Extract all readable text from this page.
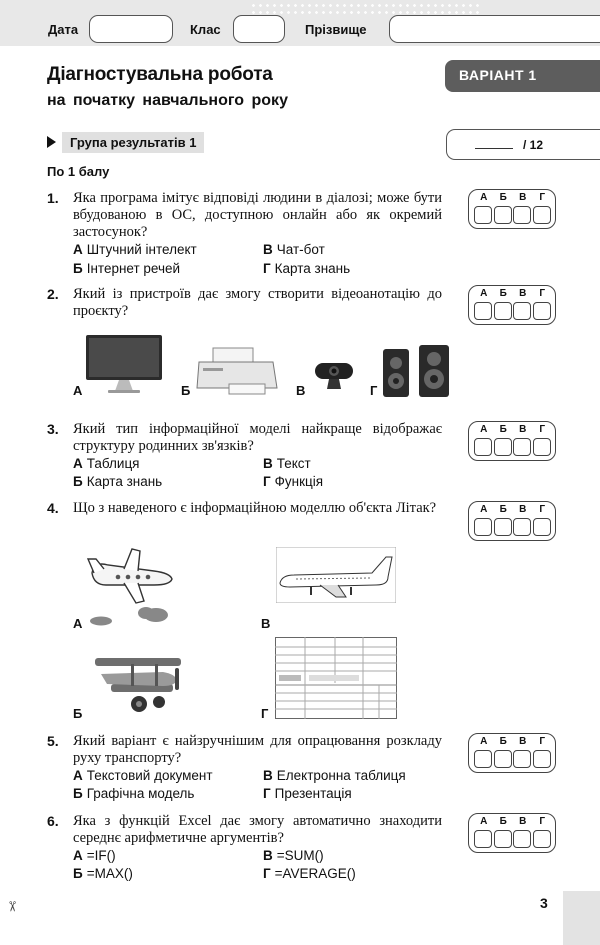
Дата	Клас	Прізвище
Діагностувальна робота
на початку навчального року
ВАРІАНТ 1
Група результатів 1	/ 12
По 1 балу
1. Яка програма імітує відповіді людини в діалозі; може бути вбудованою в ОС, доступною онлайн або як окремий застосунок?
А Штучний інтелект	В Чат-бот
Б Інтернет речей	Г Карта знань
А	Б	В	Г
2. Який із пристроїв дає змогу створити відеоанотацію до проєкту?
А	Б	В	Г
А	Б	В	Г
3. Який тип інформаційної моделі найкраще відображає структуру родинних зв'язків?
А Таблиця	В Текст
Б Карта знань	Г Функція
А	Б	В	Г
4. Що з наведеного є інформаційною моделлю об'єкта Літак?	А	Б	В	Г
А	В
Б	Г
5. Який варіант є найзручнішим для опрацювання розкладу руху транспорту?
А Текстовий документ	В Електронна таблиця
Б Графічна модель	Г Презентація
А	Б	В	Г
6. Яка з функцій Excel дає змогу автоматично знаходити середнє арифметичне аргументів?
А =IF()	В =SUM()
Б =MAX()	Г =AVERAGE()
А	Б	В	Г
✂	3
